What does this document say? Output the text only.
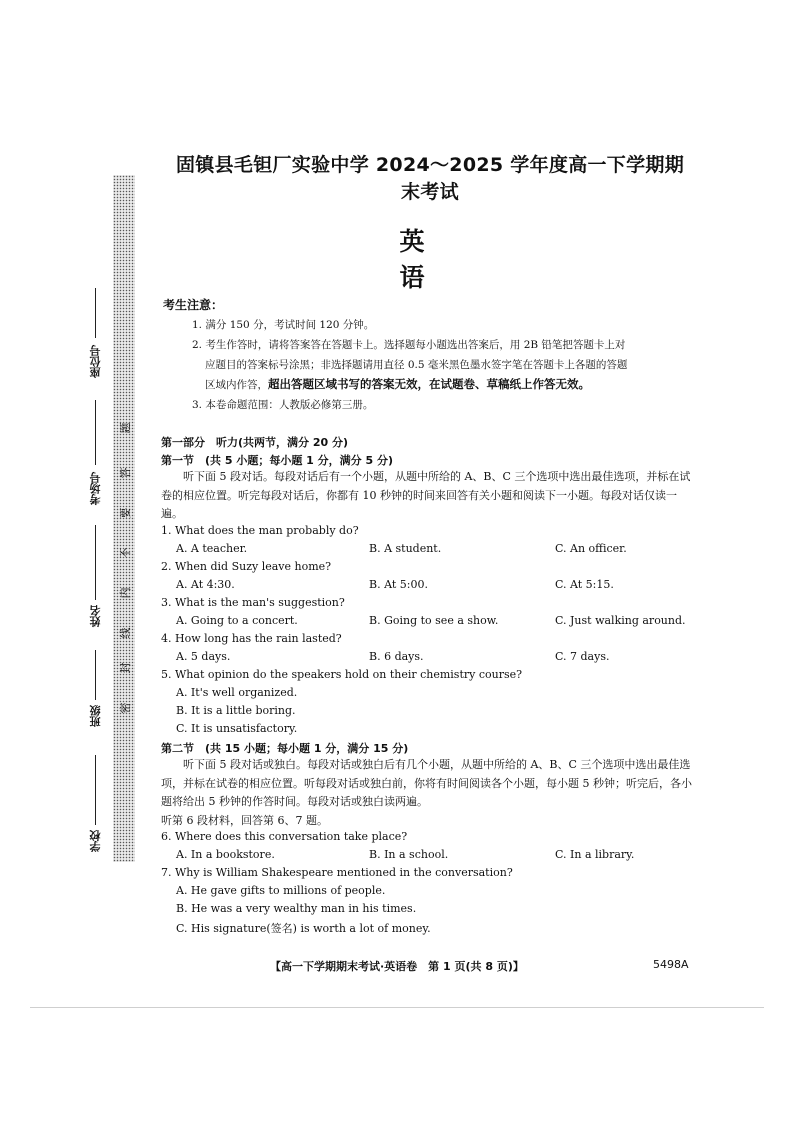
题
答
要
不
内
线
封
密
座位号
考场号
姓名
班级
学校
固镇县毛钽厂实验中学 2024～2025 学年度高一下学期期末考试
英 语
考生注意：
1. 满分 150 分，考试时间 120 分钟。
2. 考生作答时，请将答案答在答题卡上。选择题每小题选出答案后，用 2B 铅笔把答题卡上对
应题目的答案标号涂黑；非选择题请用直径 0.5 毫米黑色墨水签字笔在答题卡上各题的答题
区域内作答，超出答题区域书写的答案无效，在试题卷、草稿纸上作答无效。
3. 本卷命题范围：人教版必修第三册。
第一部分　听力(共两节，满分 20 分)
第一节　(共 5 小题；每小题 1 分，满分 5 分)
听下面 5 段对话。每段对话后有一个小题，从题中所给的 A、B、C 三个选项中选出最佳选项，并标在试卷的相应位置。听完每段对话后，你都有 10 秒钟的时间来回答有关小题和阅读下一小题。每段对话仅读一遍。
1. What does the man probably do?
A. A teacher.	B. A student.	C. An officer.
2. When did Suzy leave home?
A. At 4:30.	B. At 5:00.	C. At 5:15.
3. What is the man's suggestion?
A. Going to a concert.	B. Going to see a show.	C. Just walking around.
4. How long has the rain lasted?
A. 5 days.	B. 6 days.	C. 7 days.
5. What opinion do the speakers hold on their chemistry course?
A. It's well organized.
B. It is a little boring.
C. It is unsatisfactory.
第二节　(共 15 小题；每小题 1 分，满分 15 分)
听下面 5 段对话或独白。每段对话或独白后有几个小题，从题中所给的 A、B、C 三个选项中选出最佳选项，并标在试卷的相应位置。听每段对话或独白前，你将有时间阅读各个小题，每小题 5 秒钟；听完后，各小题将给出 5 秒钟的作答时间。每段对话或独白读两遍。
听第 6 段材料，回答第 6、7 题。
6. Where does this conversation take place?
A. In a bookstore.	B. In a school.	C. In a library.
7. Why is William Shakespeare mentioned in the conversation?
A. He gave gifts to millions of people.
B. He was a very wealthy man in his times.
C. His signature(签名) is worth a lot of money.
【高一下学期期末考试·英语卷　第 1 页(共 8 页)】	5498A
